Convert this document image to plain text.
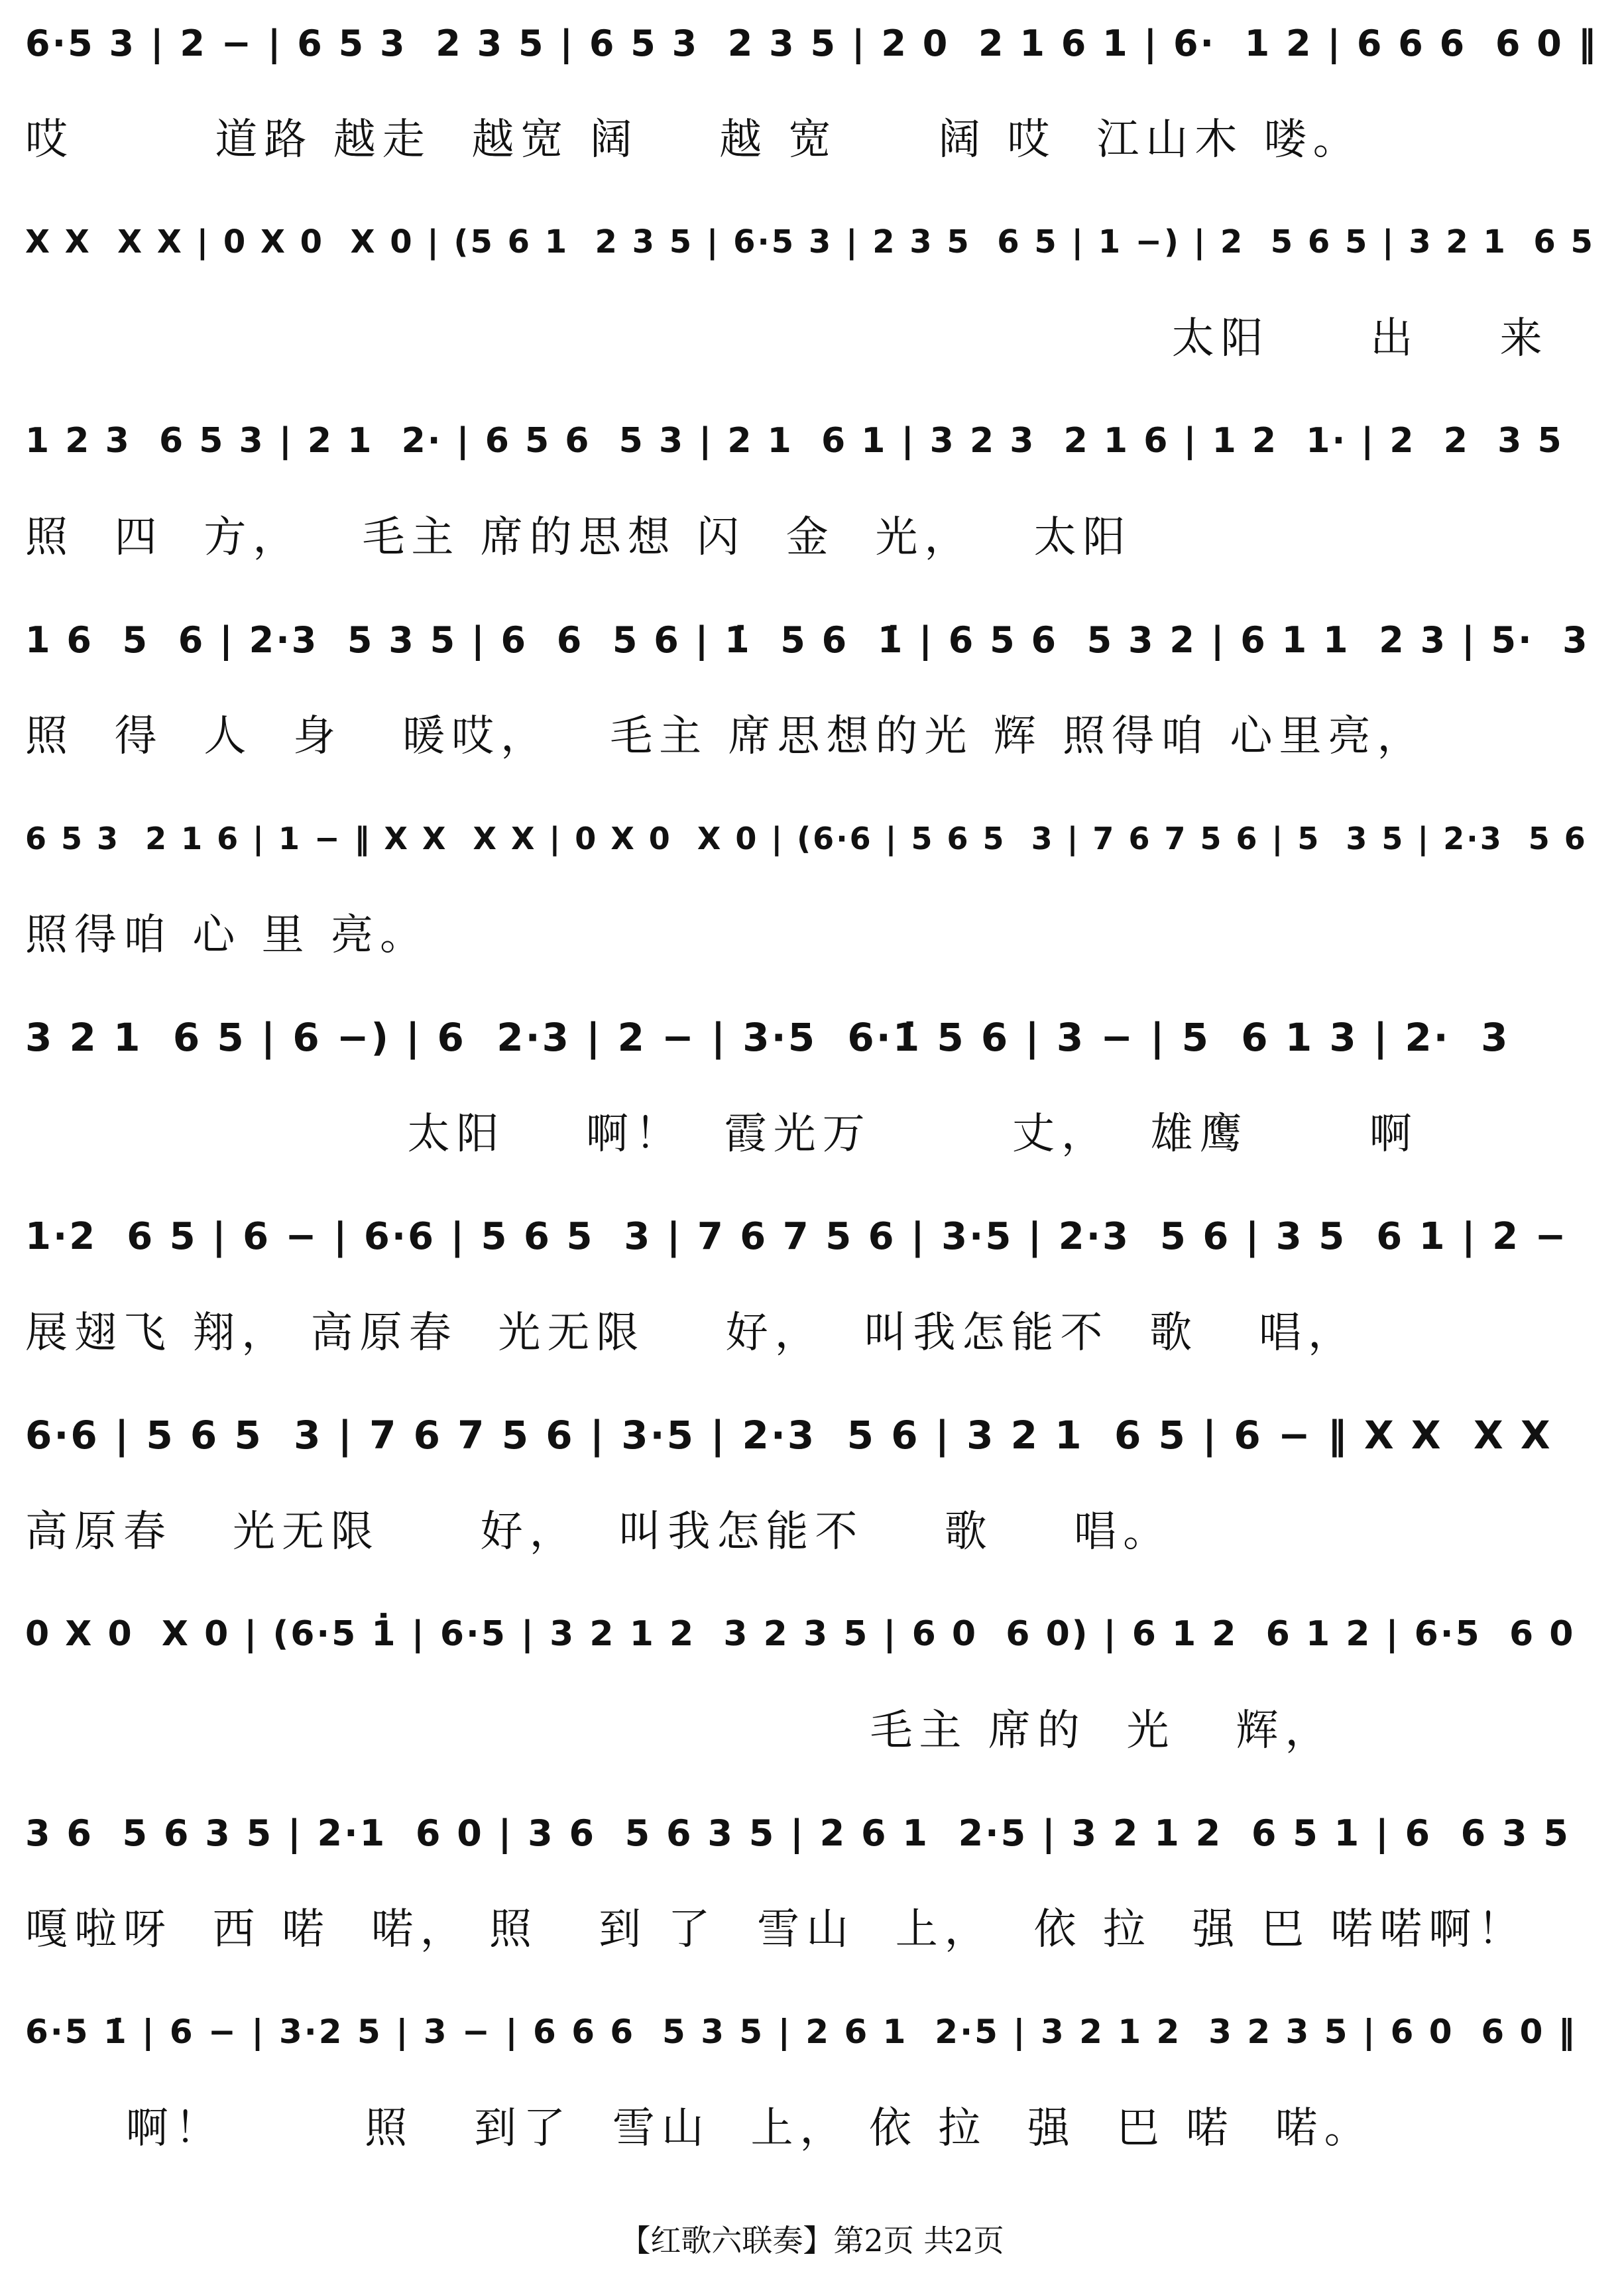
6·5 3 | 2 − | 6 5 3  2 3 5 | 6 5 3  2 3 5 | 2 0  2 1 6 1 | 6·  1 2 | 6 6 6  6 0 ‖
哎       道路 越走  越宽 阔    越 宽     阔 哎  江山木 喽。
X X  X X | 0 X 0  X 0 | (5 6 1  2 3 5 | 6·5 3 | 2 3 5  6 5 | 1 −) | 2  5 6 5 | 3 2 1  6 5
太阳     出    来
1 2 3  6 5 3 | 2 1  2· | 6 5 6  5 3 | 2 1  6 1 | 3 2 3  2 1 6 | 1 2  1· | 2  2  3 5
照  四  方，   毛主 席的思想 闪  金  光，   太阳
1 6  5  6 | 2·3  5 3 5 | 6  6  5 6 | 1̇  5 6  1̇ | 6 5 6  5 3 2 | 6 1 1  2 3 | 5·  3
照  得  人  身   暖哎，   毛主 席思想的光 辉 照得咱 心里亮，
6 5 3  2 1 6 | 1 − ‖ X X  X X | 0 X 0  X 0 | (6·6 | 5 6 5  3 | 7 6 7 5 6 | 5  3 5 | 2·3  5 6
照得咱 心 里 亮。
3 2 1  6 5 | 6 −) | 6  2·3 | 2 − | 3·5  6·1̇ 5 6 | 3 − | 5  6 1 3 | 2·  3
太阳    啊！  霞光万       丈，  雄鹰      啊
1·2  6 5 | 6 − | 6·6 | 5 6 5  3 | 7 6 7 5 6 | 3·5 | 2·3  5 6 | 3 5  6 1 | 2 −
展翅飞 翔， 高原春  光无限    好，  叫我怎能不  歌   唱，
6·6 | 5 6 5  3 | 7 6 7 5 6 | 3·5 | 2·3  5 6 | 3 2 1  6 5 | 6 − ‖ X X  X X
高原春   光无限     好，  叫我怎能不    歌    唱。
0 X 0  X 0 | (6·5 1̇ | 6·5 | 3 2 1 2  3 2 3 5 | 6 0  6 0) | 6 1 2  6 1 2 | 6·5  6 0
毛主 席的  光   辉，
3 6  5 6 3 5 | 2·1  6 0 | 3 6  5 6 3 5 | 2 6 1  2·5 | 3 2 1 2  6 5 1 | 6  6 3 5
嘎啦呀  西 喏  喏， 照   到 了  雪山  上，  依 拉  强 巴 喏喏啊！
6·5 1̇ | 6 − | 3·2 5 | 3 − | 6 6 6  5 3 5 | 2 6 1  2·5 | 3 2 1 2  3 2 3 5 | 6 0  6 0 ‖
啊！       照   到了  雪山  上， 依 拉  强  巴 喏  喏。
【红歌六联奏】第2页 共2页
